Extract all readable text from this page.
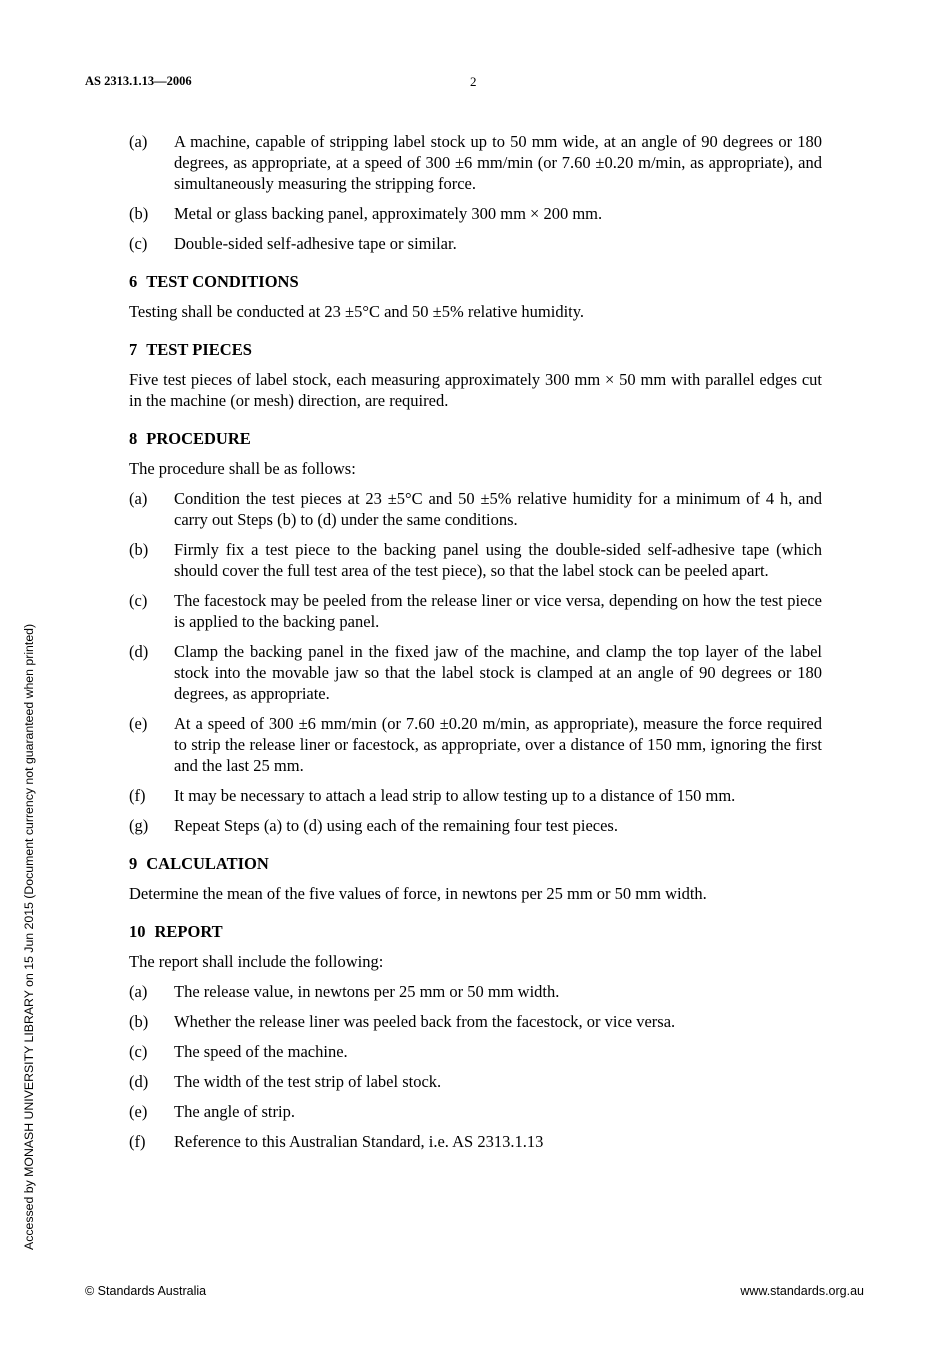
AS 2313.1.13—2006	2
Accessed by MONASH UNIVERSITY LIBRARY on 15 Jun 2015 (Document currency not guaranteed when printed)
(a)	A machine, capable of stripping label stock up to 50 mm wide, at an angle of 90 degrees or 180 degrees, as appropriate, at a speed of 300 ±6 mm/min (or 7.60 ±0.20 m/min, as appropriate), and simultaneously measuring the stripping force.
(b)	Metal or glass backing panel, approximately 300 mm × 200 mm.
(c)	Double-sided self-adhesive tape or similar.
6 TEST CONDITIONS
Testing shall be conducted at 23 ±5°C and 50 ±5% relative humidity.
7 TEST PIECES
Five test pieces of label stock, each measuring approximately 300 mm × 50 mm with parallel edges cut in the machine (or mesh) direction, are required.
8 PROCEDURE
The procedure shall be as follows:
(a)	Condition the test pieces at 23 ±5°C and 50 ±5% relative humidity for a minimum of 4 h, and carry out Steps (b) to (d) under the same conditions.
(b)	Firmly fix a test piece to the backing panel using the double-sided self-adhesive tape (which should cover the full test area of the test piece), so that the label stock can be peeled apart.
(c)	The facestock may be peeled from the release liner or vice versa, depending on how the test piece is applied to the backing panel.
(d)	Clamp the backing panel in the fixed jaw of the machine, and clamp the top layer of the label stock into the movable jaw so that the label stock is clamped at an angle of 90 degrees or 180 degrees, as appropriate.
(e)	At a speed of 300 ±6 mm/min (or 7.60 ±0.20 m/min, as appropriate), measure the force required to strip the release liner or facestock, as appropriate, over a distance of 150 mm, ignoring the first and the last 25 mm.
(f)	It may be necessary to attach a lead strip to allow testing up to a distance of 150 mm.
(g)	Repeat Steps (a) to (d) using each of the remaining four test pieces.
9 CALCULATION
Determine the mean of the five values of force, in newtons per 25 mm or 50 mm width.
10 REPORT
The report shall include the following:
(a)	The release value, in newtons per 25 mm or 50 mm width.
(b)	Whether the release liner was peeled back from the facestock, or vice versa.
(c)	The speed of the machine.
(d)	The width of the test strip of label stock.
(e)	The angle of strip.
(f)	Reference to this Australian Standard, i.e. AS 2313.1.13
© Standards Australia	www.standards.org.au
